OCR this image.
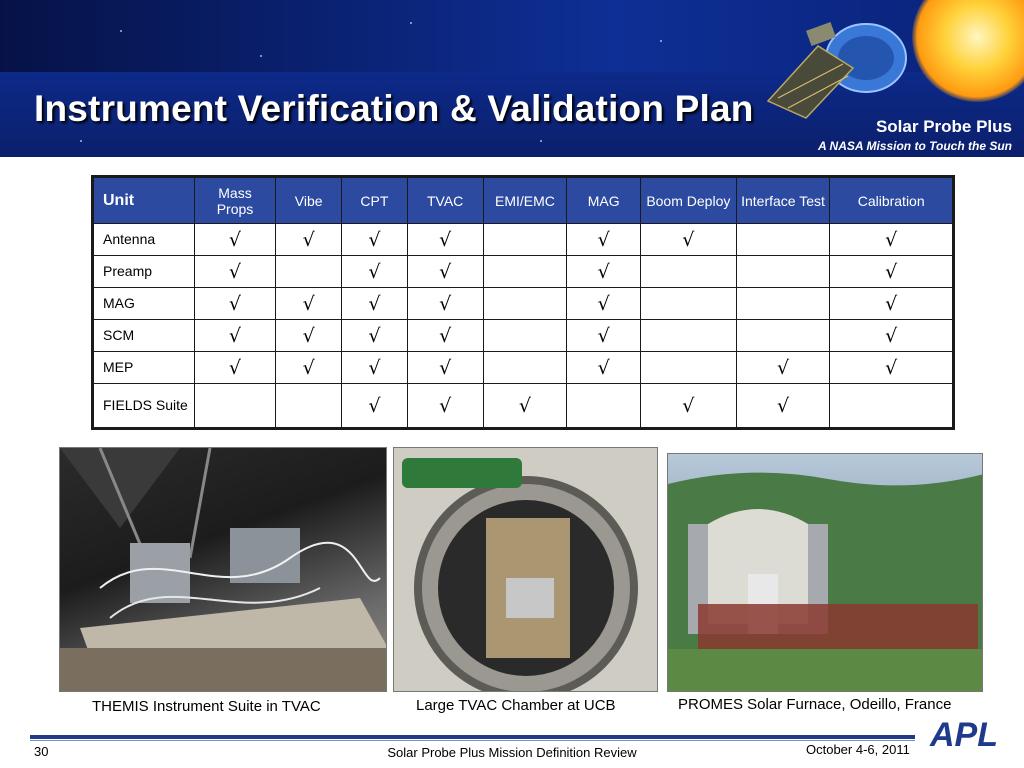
Instrument Verification & Validation Plan	Solar Probe Plus
A NASA Mission to Touch the Sun
Unit	Mass Props	Vibe	CPT	TVAC	EMI/EMC	MAG	Boom Deploy	Interface Test	Calibration
Antenna	√	√	√	√		√	√		√
Preamp	√		√	√		√			√
MAG	√	√	√	√		√			√
SCM	√	√	√	√		√			√
MEP	√	√	√	√		√		√	√
FIELDS Suite			√	√	√		√	√	
THEMIS Instrument Suite in TVAC	Large TVAC Chamber at UCB	PROMES Solar Furnace, Odeillo, France
30	Solar Probe Plus Mission Definition Review	October 4-6, 2011 APL
